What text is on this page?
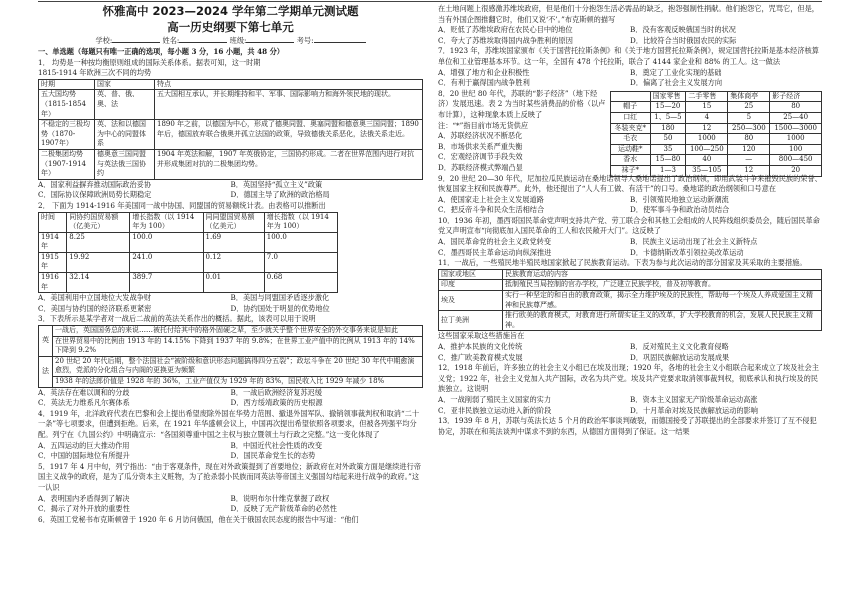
怀雅高中 2023—2024 学年第二学期单元测试题
高一历史纲要下第七单元
学校:	姓名:	班级:	考号:

一、单选题（每题只有唯一正确的选项，每小题 3 分，16 小题，共 48 分）

1． 均势是一种按均衡原则组成的国际关系体系。据表可知，这一时期

1815-1914 年欧洲三次不同的均势

时期	国家	特点
五大国均势（1815-1854 年）	英、普、俄、奥、法	五大国相互承认，并长期维持和平、军事、国际影响力和海外领民地的现状。
不稳定的三极均势（1870-1907年）	英、法和以德国为中心的同盟体系	1890 年之前，以德国为中心，形成了德奥同盟、奥塞同盟和德意奥三国同盟；1890 年后，德国放弃联合俄奥并孤立法国的政策，导致德俄关系恶化，法俄关系走近。
二极集团均势（1907-1914 年）	德奥意三国同盟与英法俄三国协约	1904 年英法和解，1907 年英俄协定，三国协约形成。二者在世界范围内进行对抗并形成集团对抗的二极集团均势。
A．国家利益摒弃推动国际政治妥协	B．英国坚持“孤立主义”政策
C．国际协议保障欧洲局势长期稳定	D．德国主导了欧洲的政治格局

2． 下面为 1914-1916 年美国同一战中协国、同盟国的贸易额统计表。由表格可以推断出

时间	同协约国贸易额（亿美元）	增长指数（以 1914 年为 100）	同同盟国贸易额（亿美元）	增长指数（以 1914 年为 100）
1914 年	8.25	100.0	1.69	100.0
1915 年	19.92	241.0	0.12	7.0
1916 年	32.14	389.7	0.01	0.68
A．美国利用中立国地位大发战争财	B．美国与同盟国矛盾逐步激化
C．美国与协约国的经济联系更紧密	D．协约国处于明显的优势地位

3．下表所示是某学者对一战后二战前的英法关系作出的概括。据此，该表可以用于说明

英	一战后，英国国务总的来说……被托付给其中的格外固硬之辈，至少就关乎整个世界安全的外交事务来说是如此
	在世界贸易中的比例由 1913 年的 14.15% 下降到 1937 年的 9.8%；在世界工业产值中的比例从 1913 年的 14% 下降到 9.2%
法	20 世纪 20 年代后期，整个法国社会“被阶级和意识形态问题搞得四分五裂”；政坛斗争在 20 世纪 30 年代中期愈演愈烈，党派的分化组合与内阁的更换更为频繁
	1938 年的法郎价值是 1928 年的 36%，工业产值仅为 1929 年的 83%，国民收入比 1929 年减少 18%
A．英法存在难以调和的分歧	B．一战后欧洲经济复苏迟缓
C．英法无力维系凡尔赛体系	D．西方绥靖政策的历史根源

4．1919 年，北洋政府代表在巴黎和会上提出希望废除外国在华势力范围、撤退外国军队、撤销领事裁判权和取消“二十一条”等七项要求，但遭到拒绝。后来，在 1921 年华盛顿会议上，中国再次提出希望依照各项要求，但被各列强平均分配。列宁在《九国公约》中明确宣示：“各国须尊重中国之主权与独立暨领土与行政之完整。”这一变化体现了

A．五四运动的巨大推动作用	B．中国近代社会性质的改变
C．中国的国际地位有所提升	D．国民革命党生长的态势

5．1917 年 4 月中旬，列宁指出：“由于客观条件，现在对外政策提到了首要地位；新政府在对外政策方面是继续进行帝国主义战争的政府，是为了瓜分资本主义赃物，为了抢杀弱小民族而同英法等帝国主义强国勾结起来进行战争的政府。”这一认识

A．表明国内矛盾得到了解决	B．说明布尔什维克掌握了政权
C．揭示了对外开放的重要性	D．反映了无产阶级革命的必然性

6．英国工党秘书布克斯顿曾于 1920 年 6 月访问俄国，他在关于俄国农民态度的报告中写道：“他们

在土地问题上很感激苏维埃政府，但是他们十分抱怨生活必需品的缺乏，抱怨强制性捐献。他们抱怨它，咒骂它，但是，当有外国企图推翻它时，他们又说‘不’。”布克斯顿的描写

A．贬低了苏维埃政府在农民心目中的地位	B．没有客观反映俄国当时的状况
C．夸大了苏维埃取得国内战争胜利的原因	D．比较符合当时俄国农民的实际

7．1923 年，苏维埃国家颁布《关于国营托拉斯条例》和《关于地方国营托拉斯条例》，规定国营托拉斯是基本经济核算单位和工业管理基本环节。这一年，全国有 478 个托拉斯，联合了 4144 家企业和 88% 的工人。这一做法

A．增强了地方和企业积极性	B．奠定了工业化实现的基础
C．有利于赢得国内战争胜利	D．偏离了社会主义发展方向

8．20 世纪 80 年代，苏联的“影子经济”（地下经济）发展迅速。表 2 为当时某些消费品的价格（以卢布计算），这种现象本质上反映了

注：“*”指目前市场无货供应

A．苏联经济状况不断恶化

B．市场供求关系严重失衡

C．宏观经济调节手段失效

D．苏联经济模式弊端凸显

	国家零售	二手零售	集体商亭	影子经济
帽子	15—20	15	25	80
口红	1、5—5	4	5	25—40
冬装夹克*	180	12	250—300	1500—3000
毛衣	50	1000	80	1000
运动鞋*	35	100—250	120	100
香水	15—80	40	—	800—450
袜子*	1—3	35—105	12	20

9．20 世纪 20—30 年代，尼加拉瓜民族运动在桑地诺领导人桑地诺提出了政治纲领，即用武装斗争来摧毁民族的荣誉、恢复国家主权和民族尊严。此外，他还提出了“人人有工做、有活干”的口号。桑地诺的政治纲领和口号意在

A．使国家走上社会主义发展道路	B．引领殖民地独立运动新潮流
C．把反帝斗争和民众生活相结合	D．使军事斗争和政治动员结合

10．1936 年初，墨西哥国民革命党声明支持共产党、劳工联合会和其他工会组成的人民阵线组织委员会，随后国民革命党又声明宣布“向彻底加入国民革命的工人和农民敞开大门”。这反映了

A．国民革命党的社会主义政党转变	B．民族主义运动出现了社会主义新特点
C．墨西哥民主革命运动向纵深推进	D．卡德纳斯改革引领拉美改革运动

11．一战后，一些殖民地半殖民地国家掀起了民族教育运动。下表为参与此次运动的部分国家及其采取的主要措施。

国家或地区	民族教育运动的内容
印度	抵制殖民当局控制的官办学校，广泛建立民族学校，普及初等教育。
埃及	实行一种坚定的和自由的教育政策，揭示全力维护埃及的民族性，帮助每一个埃及人养成爱国主义精神和民族尊严感。
拉丁美洲	推行欧美的教育模式，对教育进行所谓实证主义的改革，扩大学校教育的机会，发展人民民族主义精神。

这些国家采取这些措施旨在

A．推护本民族的文化传统	B．反对殖民主义文化教育侵略
C．推广欧美教育模式发展	D．巩固民族解放运动发展成果

12．1918 年前后，许多独立的社会主义小组已在埃及出现；1920 年，各地的社会主义小组联合起来成立了埃及社会主义党；1922 年，社会主义党加入共产国际，改名为共产党。埃及共产党要求取消领事裁判权，彻底承认和执行埃及的民族独立。这说明

A．一战削弱了殖民主义国家的实力	B．资本主义国家无产阶级革命运动高涨
C．亚非民族独立运动进入新的阶段	D．十月革命对埃及民族解放运动的影响

13．1939 年 8 月，苏联与英法长达 5 个月的政治军事谈判破裂，而德国接受了苏联提出的全部要求并签订了互不侵犯协定，苏联在和英法谈判中谋求不到的东西，从德国方面得到了保证。这一结果
